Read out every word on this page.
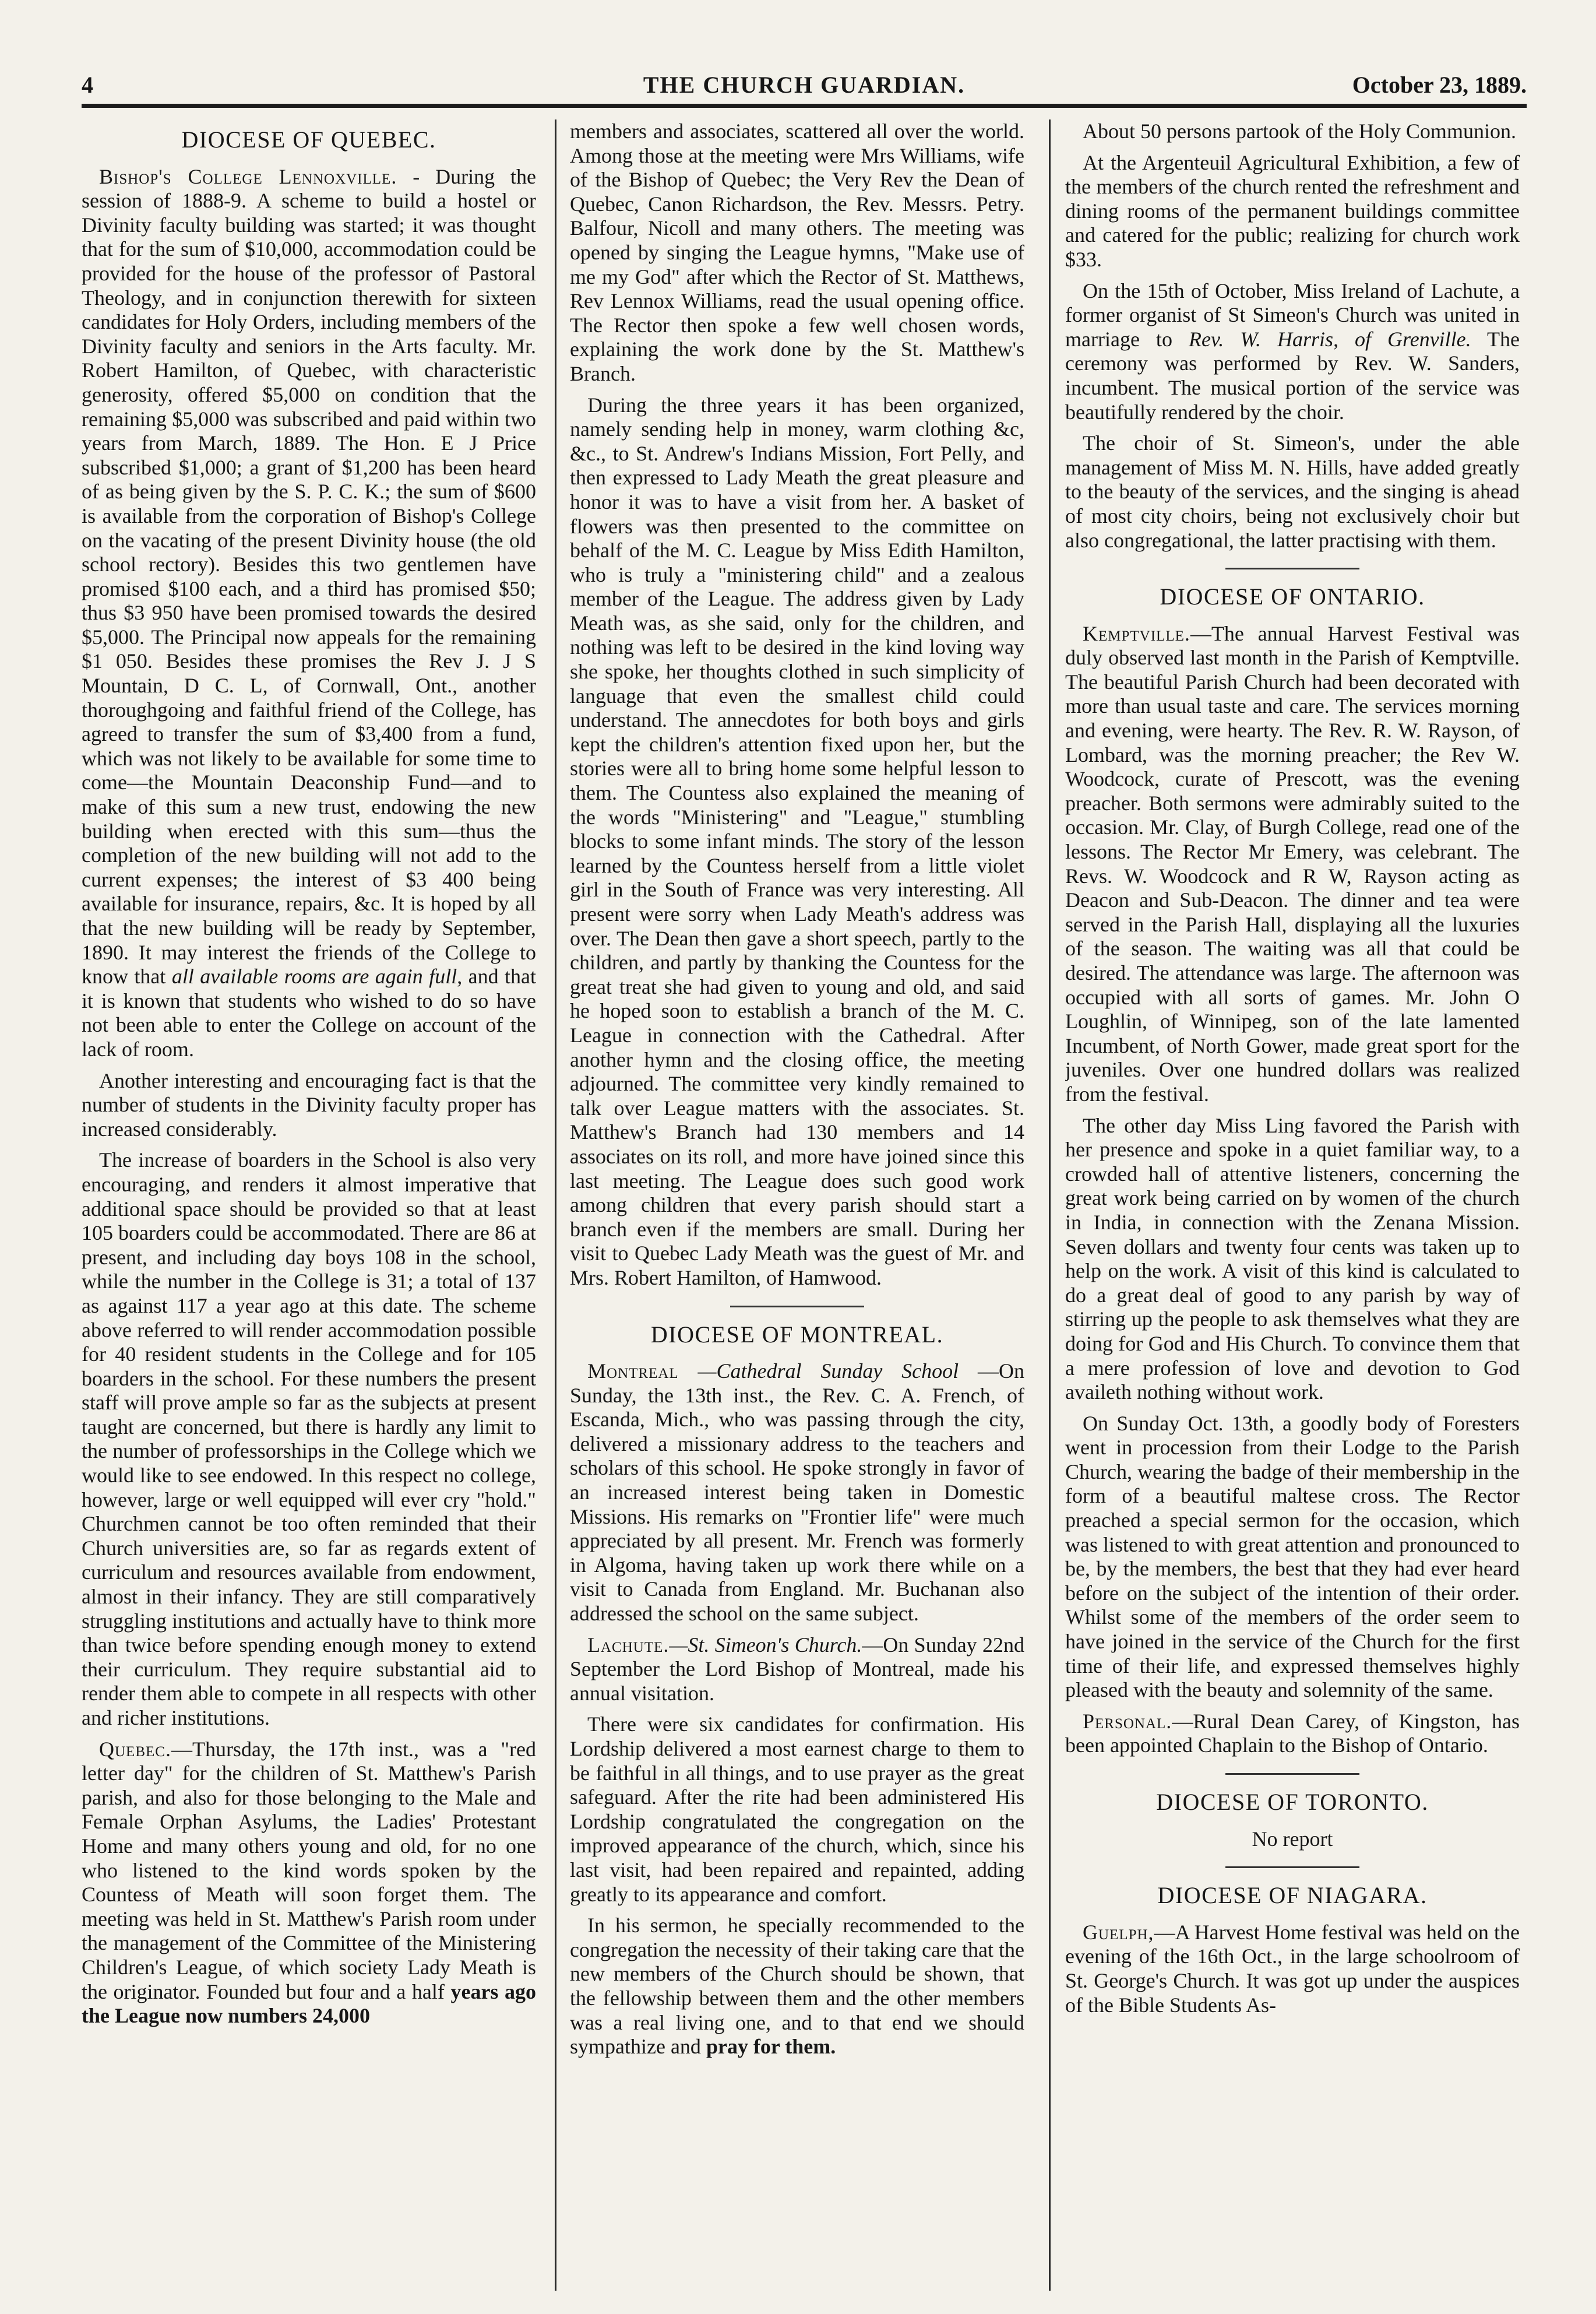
4	THE CHURCH GUARDIAN.	October 23, 1889.
DIOCESE OF QUEBEC.

Bishop's College Lennoxville. - During the session of 1888-9. A scheme to build a hostel or Divinity faculty building was started; it was thought that for the sum of $10,000, accommodation could be provided for the house of the professor of Pastoral Theology, and in conjunction therewith for sixteen candidates for Holy Orders, including members of the Divinity faculty and seniors in the Arts faculty. Mr. Robert Hamilton, of Quebec, with characteristic generosity, offered $5,000 on condition that the remaining $5,000 was subscribed and paid within two years from March, 1889. The Hon. E J Price subscribed $1,000; a grant of $1,200 has been heard of as being given by the S. P. C. K.; the sum of $600 is available from the corporation of Bishop's College on the vacating of the present Divinity house (the old school rectory). Besides this two gentlemen have promised $100 each, and a third has promised $50; thus $3 950 have been promised towards the desired $5,000. The Principal now appeals for the remaining $1 050. Besides these promises the Rev J. J S Mountain, D C. L, of Cornwall, Ont., another thoroughgoing and faithful friend of the College, has agreed to transfer the sum of $3,400 from a fund, which was not likely to be available for some time to come—the Mountain Deaconship Fund—and to make of this sum a new trust, endowing the new building when erected with this sum—thus the completion of the new building will not add to the current expenses; the interest of $3 400 being available for insurance, repairs, &c. It is hoped by all that the new building will be ready by September, 1890. It may interest the friends of the College to know that all available rooms are again full, and that it is known that students who wished to do so have not been able to enter the College on account of the lack of room.

Another interesting and encouraging fact is that the number of students in the Divinity faculty proper has increased considerably.

The increase of boarders in the School is also very encouraging, and renders it almost imperative that additional space should be provided so that at least 105 boarders could be accommodated. There are 86 at present, and including day boys 108 in the school, while the number in the College is 31; a total of 137 as against 117 a year ago at this date. The scheme above referred to will render accommodation possible for 40 resident students in the College and for 105 boarders in the school. For these numbers the present staff will prove ample so far as the subjects at present taught are concerned, but there is hardly any limit to the number of professorships in the College which we would like to see endowed. In this respect no college, however, large or well equipped will ever cry "hold." Churchmen cannot be too often reminded that their Church universities are, so far as regards extent of curriculum and resources available from endowment, almost in their infancy. They are still comparatively struggling institutions and actually have to think more than twice before spending enough money to extend their curriculum. They require substantial aid to render them able to compete in all respects with other and richer institutions.

Quebec.—Thursday, the 17th inst., was a "red letter day" for the children of St. Matthew's Parish parish, and also for those belonging to the Male and Female Orphan Asylums, the Ladies' Protestant Home and many others young and old, for no one who listened to the kind words spoken by the Countess of Meath will soon forget them. The meeting was held in St. Matthew's Parish room under the management of the Committee of the Ministering Children's League, of which society Lady Meath is the originator. Founded but four and a half years ago the League now numbers 24,000

members and associates, scattered all over the world. Among those at the meeting were Mrs Williams, wife of the Bishop of Quebec; the Very Rev the Dean of Quebec, Canon Richardson, the Rev. Messrs. Petry. Balfour, Nicoll and many others. The meeting was opened by singing the League hymns, "Make use of me my God" after which the Rector of St. Matthews, Rev Lennox Williams, read the usual opening office. The Rector then spoke a few well chosen words, explaining the work done by the St. Matthew's Branch.

During the three years it has been organized, namely sending help in money, warm clothing &c, &c., to St. Andrew's Indians Mission, Fort Pelly, and then expressed to Lady Meath the great pleasure and honor it was to have a visit from her. A basket of flowers was then presented to the committee on behalf of the M. C. League by Miss Edith Hamilton, who is truly a "ministering child" and a zealous member of the League. The address given by Lady Meath was, as she said, only for the children, and nothing was left to be desired in the kind loving way she spoke, her thoughts clothed in such simplicity of language that even the smallest child could understand. The annecdotes for both boys and girls kept the children's attention fixed upon her, but the stories were all to bring home some helpful lesson to them. The Countess also explained the meaning of the words "Ministering" and "League," stumbling blocks to some infant minds. The story of the lesson learned by the Countess herself from a little violet girl in the South of France was very interesting. All present were sorry when Lady Meath's address was over. The Dean then gave a short speech, partly to the children, and partly by thanking the Countess for the great treat she had given to young and old, and said he hoped soon to establish a branch of the M. C. League in connection with the Cathedral. After another hymn and the closing office, the meeting adjourned. The committee very kindly remained to talk over League matters with the associates. St. Matthew's Branch had 130 members and 14 associates on its roll, and more have joined since this last meeting. The League does such good work among children that every parish should start a branch even if the members are small. During her visit to Quebec Lady Meath was the guest of Mr. and Mrs. Robert Hamilton, of Hamwood.

DIOCESE OF MONTREAL.

Montreal —Cathedral Sunday School —On Sunday, the 13th inst., the Rev. C. A. French, of Escanda, Mich., who was passing through the city, delivered a missionary address to the teachers and scholars of this school. He spoke strongly in favor of an increased interest being taken in Domestic Missions. His remarks on "Frontier life" were much appreciated by all present. Mr. French was formerly in Algoma, having taken up work there while on a visit to Canada from England. Mr. Buchanan also addressed the school on the same subject.

Lachute.—St. Simeon's Church.—On Sunday 22nd September the Lord Bishop of Montreal, made his annual visitation.

There were six candidates for confirmation. His Lordship delivered a most earnest charge to them to be faithful in all things, and to use prayer as the great safeguard. After the rite had been administered His Lordship congratulated the congregation on the improved appearance of the church, which, since his last visit, had been repaired and repainted, adding greatly to its appearance and comfort.

In his sermon, he specially recommended to the congregation the necessity of their taking care that the new members of the Church should be shown, that the fellowship between them and the other members was a real living one, and to that end we should sympathize and pray for them.

About 50 persons partook of the Holy Communion.

At the Argenteuil Agricultural Exhibition, a few of the members of the church rented the refreshment and dining rooms of the permanent buildings committee and catered for the public; realizing for church work $33.

On the 15th of October, Miss Ireland of Lachute, a former organist of St Simeon's Church was united in marriage to Rev. W. Harris, of Grenville. The ceremony was performed by Rev. W. Sanders, incumbent. The musical portion of the service was beautifully rendered by the choir.

The choir of St. Simeon's, under the able management of Miss M. N. Hills, have added greatly to the beauty of the services, and the singing is ahead of most city choirs, being not exclusively choir but also congregational, the latter practising with them.

DIOCESE OF ONTARIO.

Kemptville.—The annual Harvest Festival was duly observed last month in the Parish of Kemptville. The beautiful Parish Church had been decorated with more than usual taste and care. The services morning and evening, were hearty. The Rev. R. W. Rayson, of Lombard, was the morning preacher; the Rev W. Woodcock, curate of Prescott, was the evening preacher. Both sermons were admirably suited to the occasion. Mr. Clay, of Burgh College, read one of the lessons. The Rector Mr Emery, was celebrant. The Revs. W. Woodcock and R W, Rayson acting as Deacon and Sub-Deacon. The dinner and tea were served in the Parish Hall, displaying all the luxuries of the season. The waiting was all that could be desired. The attendance was large. The afternoon was occupied with all sorts of games. Mr. John O Loughlin, of Winnipeg, son of the late lamented Incumbent, of North Gower, made great sport for the juveniles. Over one hundred dollars was realized from the festival.

The other day Miss Ling favored the Parish with her presence and spoke in a quiet familiar way, to a crowded hall of attentive listeners, concerning the great work being carried on by women of the church in India, in connection with the Zenana Mission. Seven dollars and twenty four cents was taken up to help on the work. A visit of this kind is calculated to do a great deal of good to any parish by way of stirring up the people to ask themselves what they are doing for God and His Church. To convince them that a mere profession of love and devotion to God availeth nothing without work.

On Sunday Oct. 13th, a goodly body of Foresters went in procession from their Lodge to the Parish Church, wearing the badge of their membership in the form of a beautiful maltese cross. The Rector preached a special sermon for the occasion, which was listened to with great attention and pronounced to be, by the members, the best that they had ever heard before on the subject of the intention of their order. Whilst some of the members of the order seem to have joined in the service of the Church for the first time of their life, and expressed themselves highly pleased with the beauty and solemnity of the same.

Personal.—Rural Dean Carey, of Kingston, has been appointed Chaplain to the Bishop of Ontario.

DIOCESE OF TORONTO.

No report

DIOCESE OF NIAGARA.

Guelph,—A Harvest Home festival was held on the evening of the 16th Oct., in the large schoolroom of St. George's Church. It was got up under the auspices of the Bible Students As-
